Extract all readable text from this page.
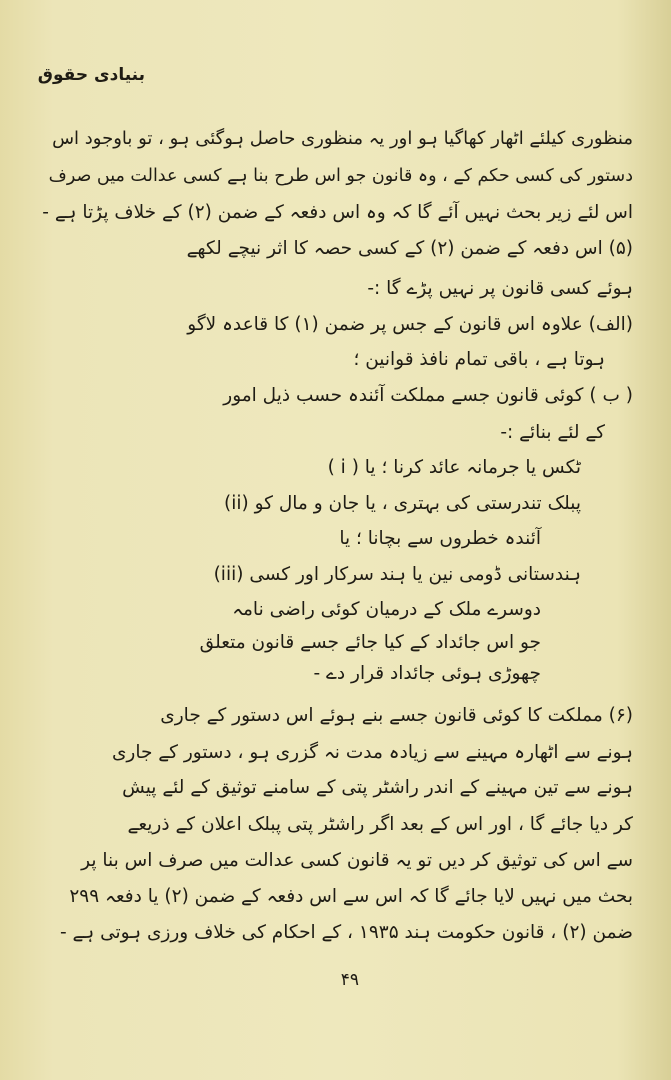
بنیادی حقوق
منظوری کیلئے اٹھار کھاگیا ہو اور یہ منظوری حاصل ہوگئی ہو ، تو باوجود اس
دستور کی کسی حکم کے ، وہ قانون جو اس طرح بنا ہے کسی عدالت میں صرف
اس لئے زیر بحث نہیں آئے گا کہ وہ اس دفعہ کے ضمن (۲) کے خلاف پڑتا ہے -
(۵) اس دفعہ کے ضمن (۲) کے کسی حصہ کا اثر نیچے لکھے
ہوئے کسی قانون پر نہیں پڑے گا :-
(الف) علاوہ اس قانون کے جس پر ضمن (۱) کا قاعدہ لاگو
ہوتا ہے ، باقی تمام نافذ قوانین ؛
( ب ) کوئی قانون جسے مملکت آئندہ حسب ذیل امور
کے لئے بنائے :-
( i ) ٹکس یا جرمانہ عائد کرنا ؛ یا
(ii) پبلک تندرستی کی بہتری ، یا جان و مال کو
آئندہ خطروں سے بچانا ؛ یا
(iii) ہندستانی ڈومی نین یا ہند سرکار اور کسی
دوسرے ملک کے درمیان کوئی راضی نامہ
جو اس جائداد کے کیا جائے جسے قانون متعلق
چھوڑی ہوئی جائداد قرار دے -
(۶) مملکت کا کوئی قانون جسے بنے ہوئے اس دستور کے جاری
ہونے سے اٹھارہ مہینے سے زیادہ مدت نہ گزری ہو ، دستور کے جاری
ہونے سے تین مہینے کے اندر راشٹر پتی کے سامنے توثیق کے لئے پیش
کر دیا جائے گا ، اور اس کے بعد اگر راشٹر پتی پبلک اعلان کے ذریعے
سے اس کی توثیق کر دیں تو یہ قانون کسی عدالت میں صرف اس بنا پر
بحث میں نہیں لایا جائے گا کہ اس سے اس دفعہ کے ضمن (۲) یا دفعہ ۲۹۹
ضمن (۲) ، قانون حکومت ہند ۱۹۳۵ ، کے احکام کی خلاف ورزی ہوتی ہے -
۴۹
